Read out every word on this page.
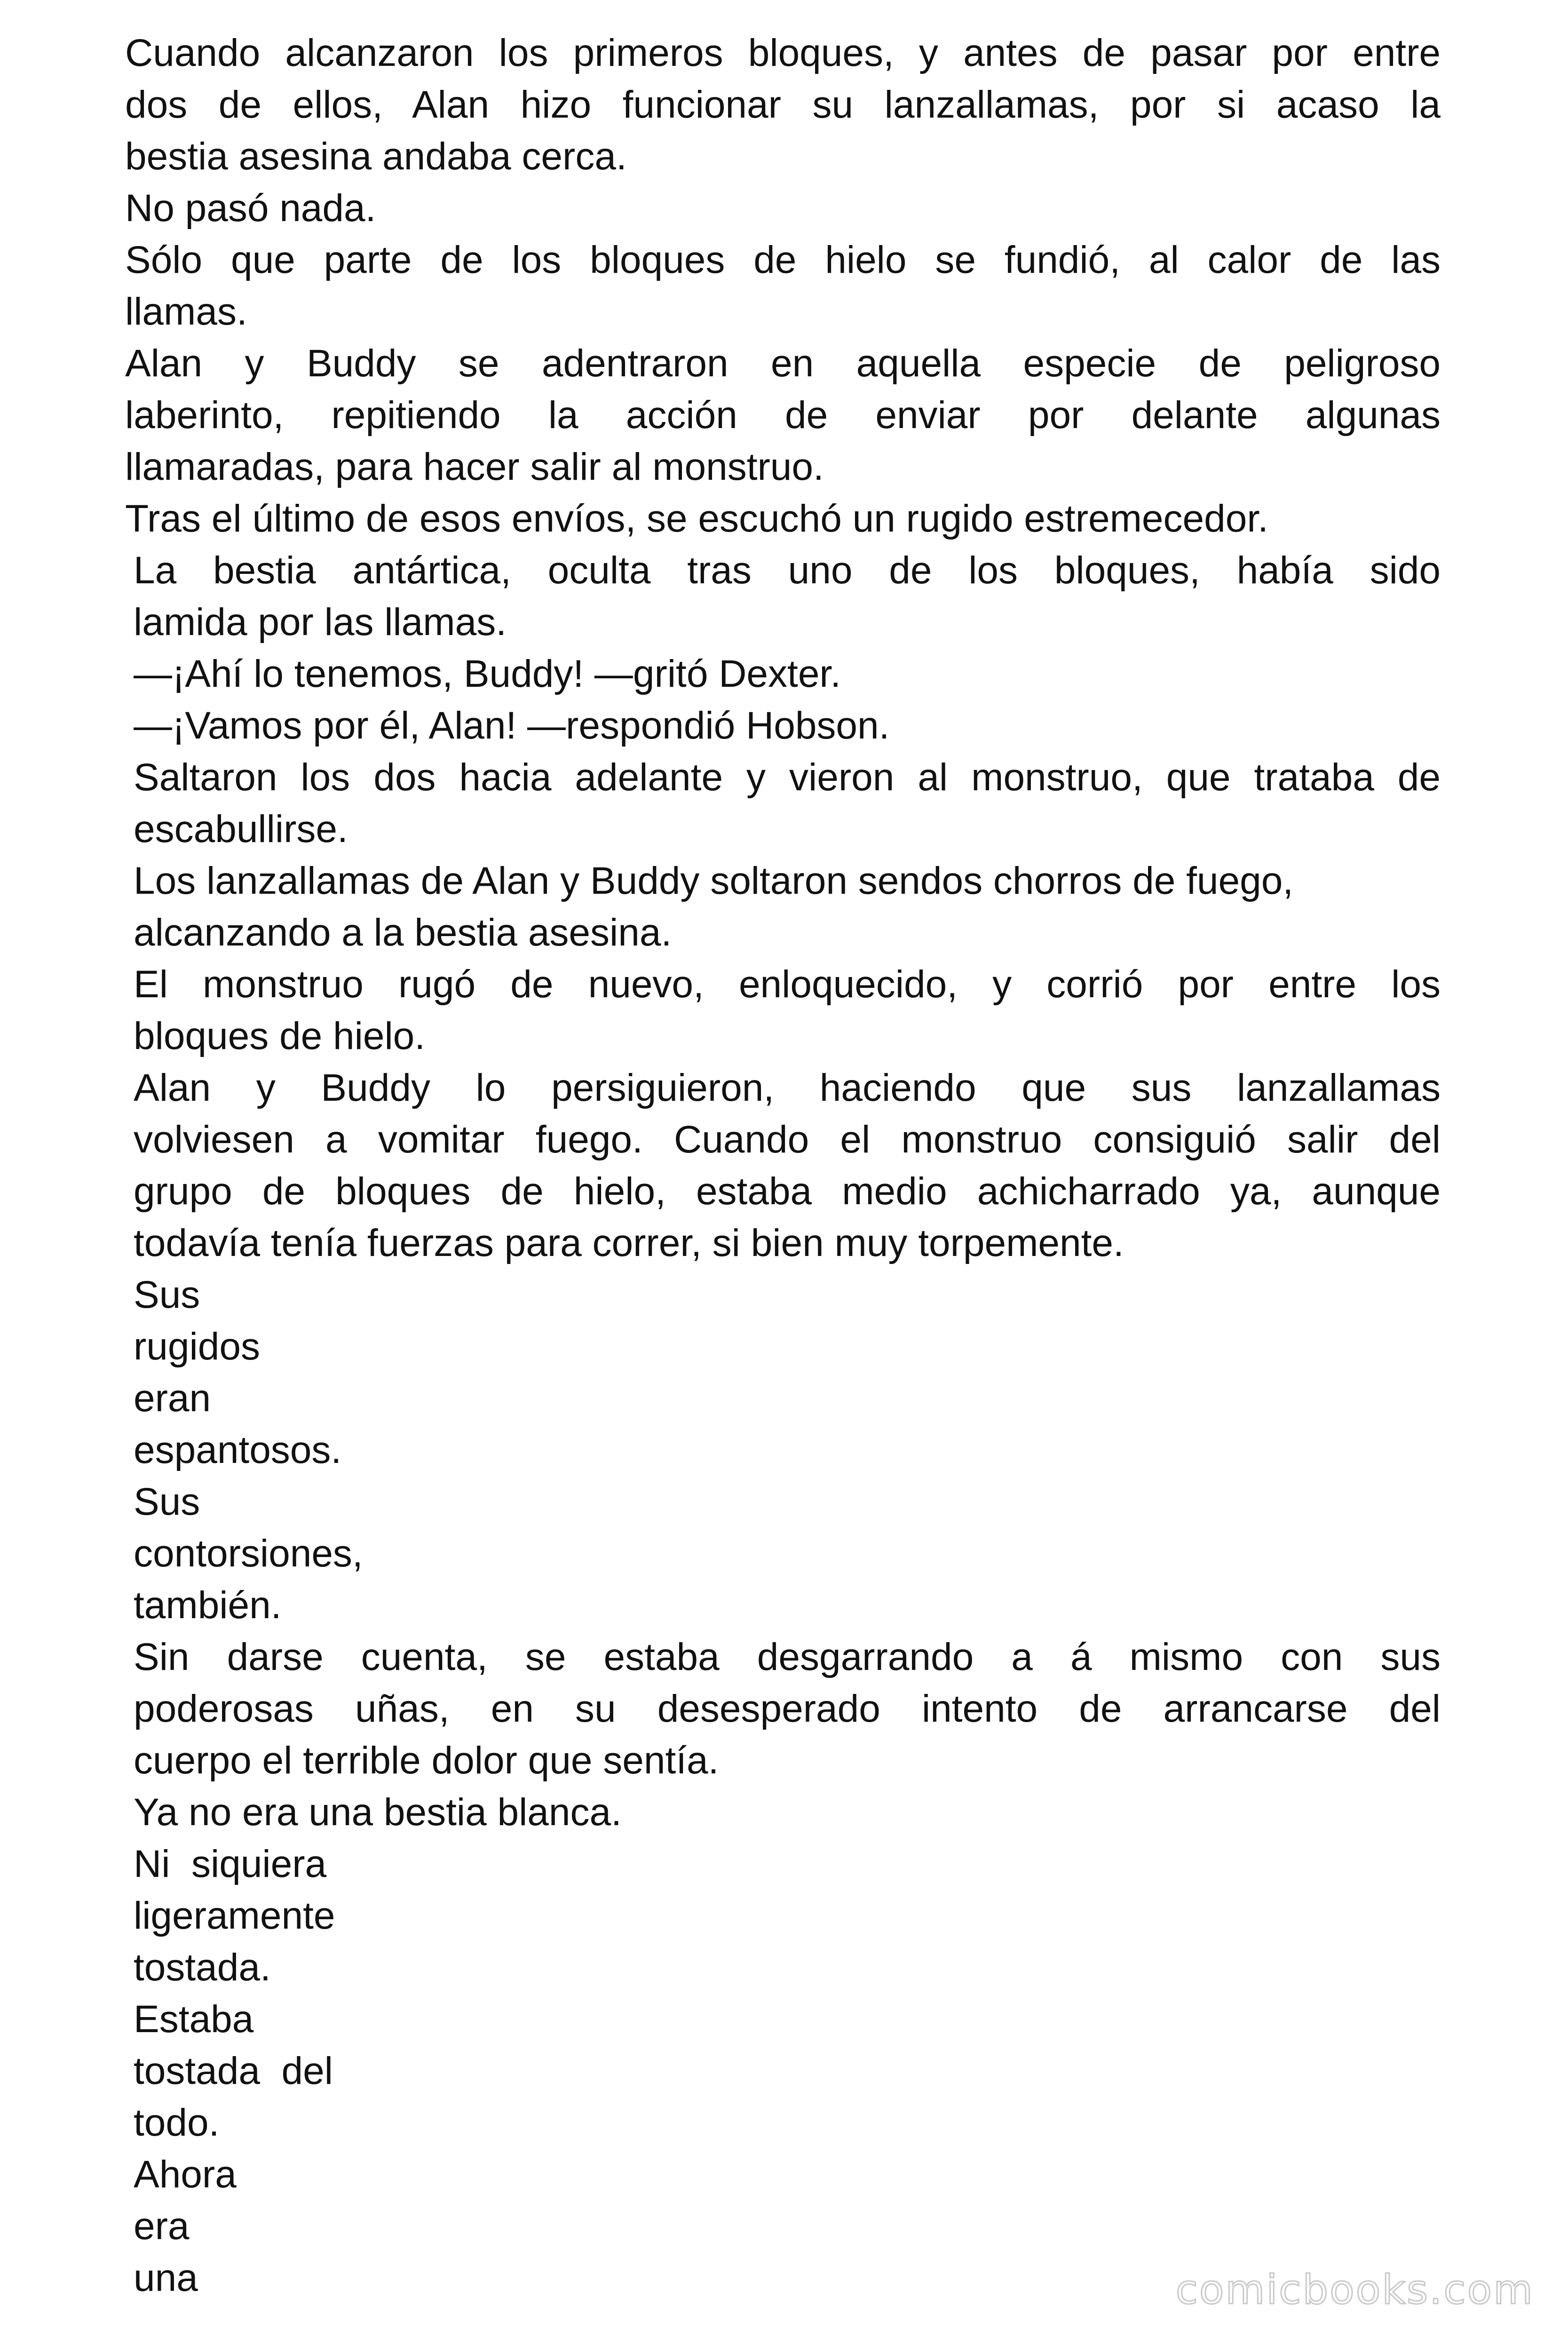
Cuando alcanzaron los primeros bloques, y antes de pasar por entre
dos de ellos, Alan hizo funcionar su lanzallamas, por si acaso la
bestia asesina andaba cerca.

No pasó nada.

Sólo que parte de los bloques de hielo se fundió, al calor de las
llamas.

Alan y Buddy se adentraron en aquella especie de peligroso
laberinto, repitiendo la acción de enviar por delante algunas
llamaradas, para hacer salir al monstruo.

Tras el último de esos envíos, se escuchó un rugido estremecedor.

La bestia antártica, oculta tras uno de los bloques, había sido
lamida por las llamas.

—¡Ahí lo tenemos, Buddy! —gritó Dexter.

—¡Vamos por él, Alan! —respondió Hobson.

Saltaron los dos hacia adelante y vieron al monstruo, que trataba de
escabullirse.

Los lanzallamas de Alan y Buddy soltaron sendos chorros de fuego,
alcanzando a la bestia asesina.

El monstruo rugó de nuevo, enloquecido, y corrió por entre los
bloques de hielo.

Alan y Buddy lo persiguieron, haciendo que sus lanzallamas
volviesen a vomitar fuego. Cuando el monstruo consiguió salir del
grupo de bloques de hielo, estaba medio achicharrado ya, aunque
todavía tenía fuerzas para correr, si bien muy torpemente.

Sus
rugidos
eran
espantosos.

Sus
contorsiones,
también.

Sin darse cuenta, se estaba desgarrando a á mismo con sus
poderosas uñas, en su desesperado intento de arrancarse del
cuerpo el terrible dolor que sentía.

Ya no era una bestia blanca.

Ni  siquiera
ligeramente
tostada.

Estaba
tostada  del
todo.

Ahora
era
una	comicbooks.com
